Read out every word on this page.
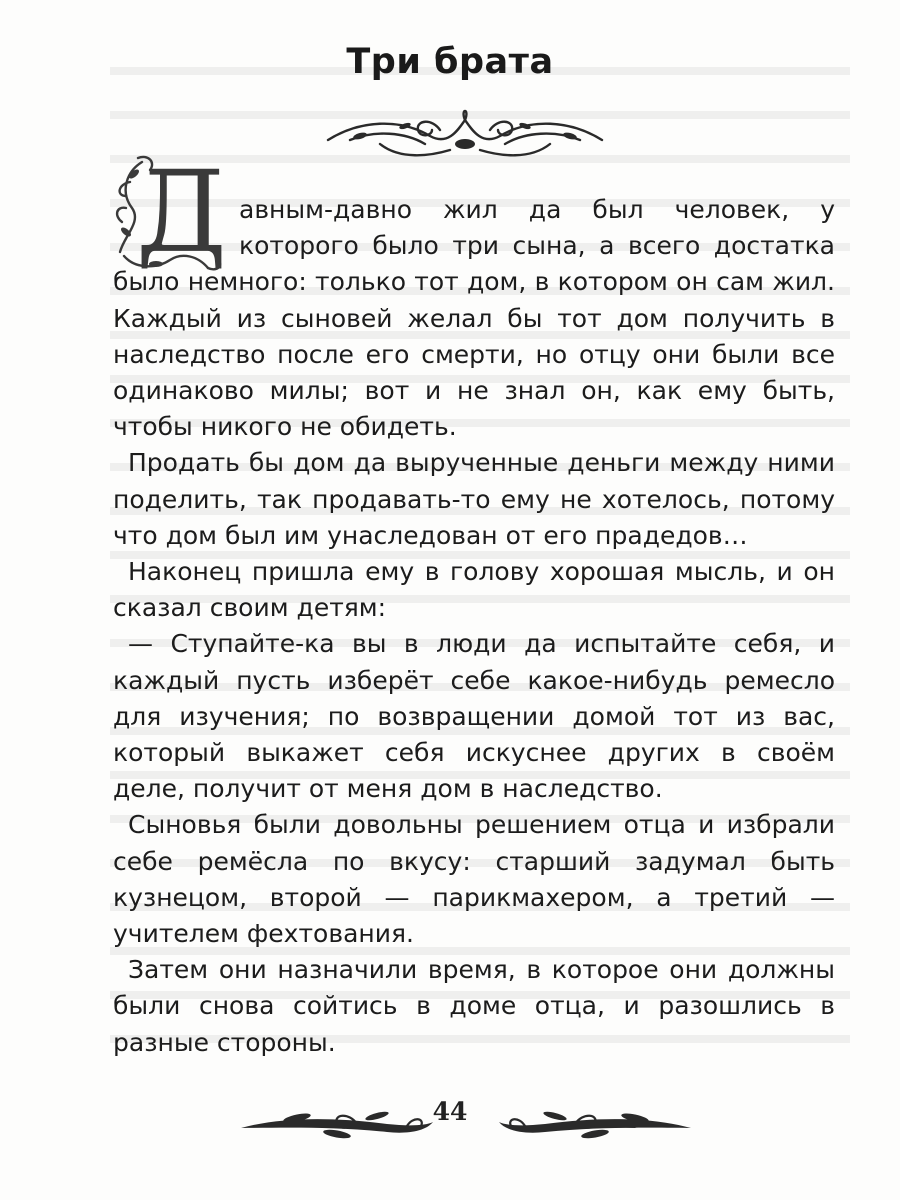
Три брата
Д авным-давно жил да был человек, у которого было три сына, а всего достатка было немного: только тот дом, в котором он сам жил. Каждый из сыновей желал бы тот дом получить в наследство после его смерти, но отцу они были все одинаково милы; вот и не знал он, как ему быть, чтобы никого не обидеть.

Продать бы дом да вырученные деньги между ними поделить, так продавать-то ему не хотелось, потому что дом был им унаследован от его прадедов…

Наконец пришла ему в голову хорошая мысль, и он сказал своим детям:

— Ступайте-ка вы в люди да испытайте себя, и каждый пусть изберёт себе какое-нибудь ремесло для изучения; по возвращении домой тот из вас, который выкажет себя искуснее других в своём деле, получит от меня дом в наследство.

Сыновья были довольны решением отца и избрали себе ремёсла по вкусу: старший задумал быть кузнецом, второй — парикмахером, а третий — учителем фехтования.

Затем они назначили время, в которое они должны были снова сойтись в доме отца, и разошлись в разные стороны.

44
